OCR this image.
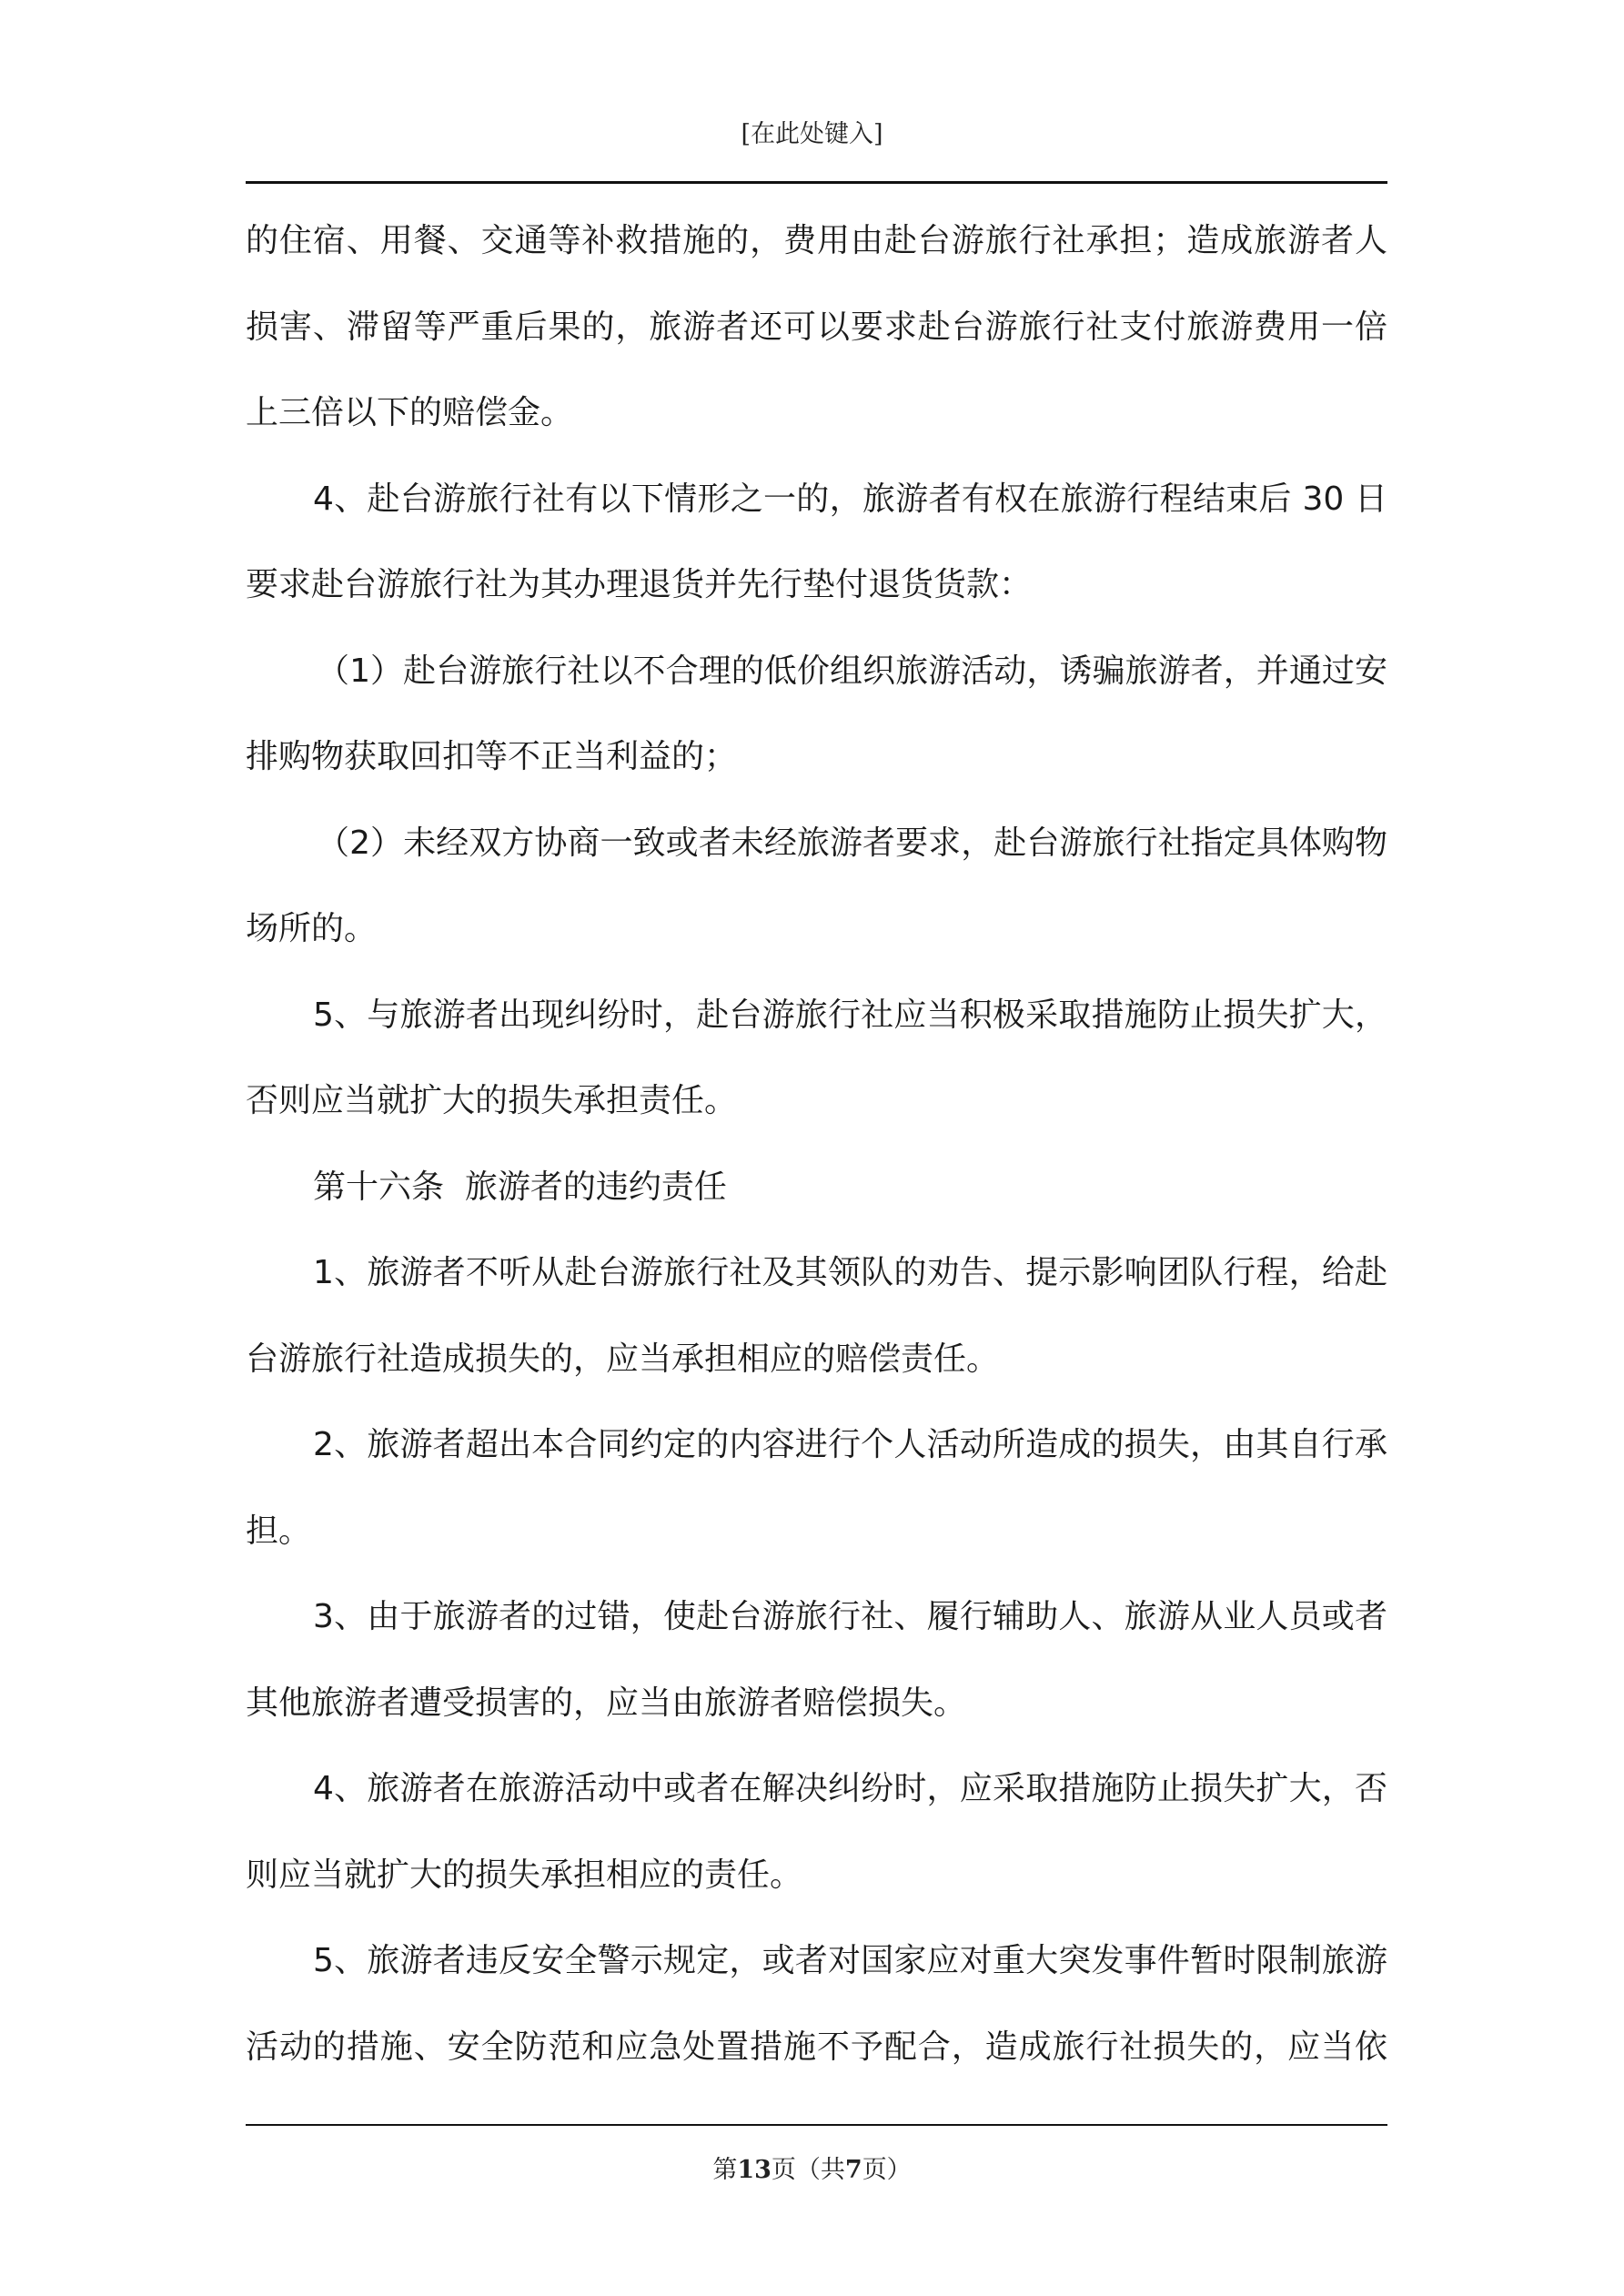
[在此处键入]
的住宿、用餐、交通等补救措施的，费用由赴台游旅行社承担；造成旅游者人
损害、滞留等严重后果的，旅游者还可以要求赴台游旅行社支付旅游费用一倍
上三倍以下的赔偿金。
4、赴台游旅行社有以下情形之一的，旅游者有权在旅游行程结束后 30 日
要求赴台游旅行社为其办理退货并先行垫付退货货款：
（1）赴台游旅行社以不合理的低价组织旅游活动，诱骗旅游者，并通过安
排购物获取回扣等不正当利益的；
（2）未经双方协商一致或者未经旅游者要求，赴台游旅行社指定具体购物
场所的。
5、与旅游者出现纠纷时，赴台游旅行社应当积极采取措施防止损失扩大，
否则应当就扩大的损失承担责任。
第十六条  旅游者的违约责任
1、旅游者不听从赴台游旅行社及其领队的劝告、提示影响团队行程，给赴
台游旅行社造成损失的，应当承担相应的赔偿责任。
2、旅游者超出本合同约定的内容进行个人活动所造成的损失，由其自行承
担。
3、由于旅游者的过错，使赴台游旅行社、履行辅助人、旅游从业人员或者
其他旅游者遭受损害的，应当由旅游者赔偿损失。
4、旅游者在旅游活动中或者在解决纠纷时，应采取措施防止损失扩大，否
则应当就扩大的损失承担相应的责任。
5、旅游者违反安全警示规定，或者对国家应对重大突发事件暂时限制旅游
活动的措施、安全防范和应急处置措施不予配合，造成旅行社损失的，应当依
第13页（共7页）
